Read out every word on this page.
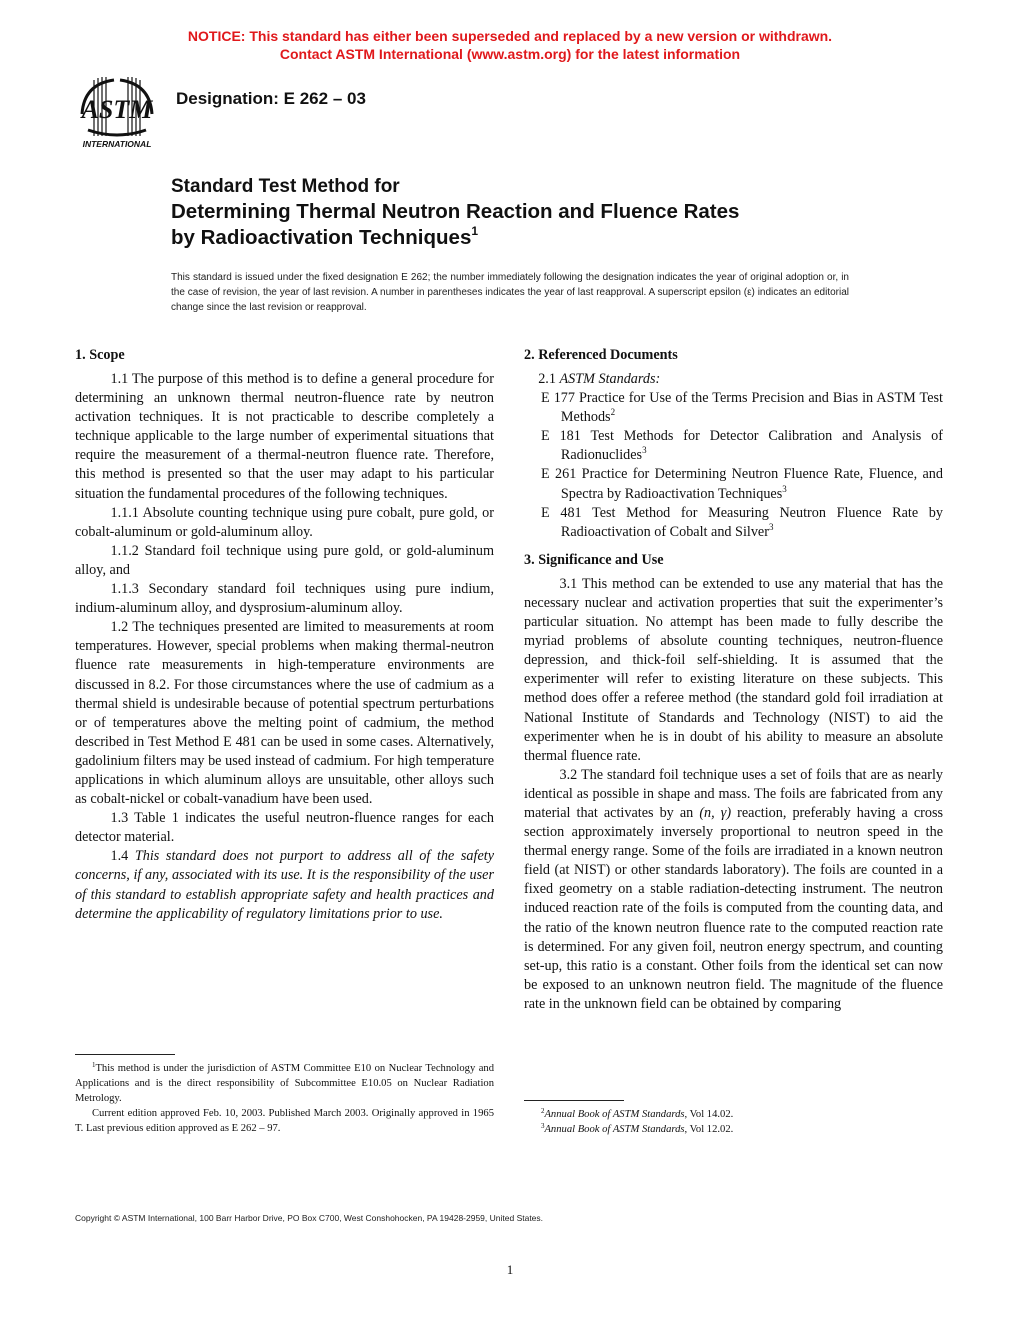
NOTICE: This standard has either been superseded and replaced by a new version or withdrawn.
Contact ASTM International (www.astm.org) for the latest information
ASTM
INTERNATIONAL
Designation: E 262 – 03
Standard Test Method for
Determining Thermal Neutron Reaction and Fluence Rates
by Radioactivation Techniques$^1$
This standard is issued under the fixed designation E 262; the number immediately following the designation indicates the year of original adoption or, in the case of revision, the year of last revision. A number in parentheses indicates the year of last reapproval. A superscript epsilon (ε) indicates an editorial change since the last revision or reapproval.
1. Scope

1.1 The purpose of this method is to define a general procedure for determining an unknown thermal neutron-fluence rate by neutron activation techniques. It is not practicable to describe completely a technique applicable to the large number of experimental situations that require the measurement of a thermal-neutron fluence rate. Therefore, this method is presented so that the user may adapt to his particular situation the fundamental procedures of the following techniques.

1.1.1 Absolute counting technique using pure cobalt, pure gold, or cobalt-aluminum or gold-aluminum alloy.

1.1.2 Standard foil technique using pure gold, or gold-aluminum alloy, and

1.1.3 Secondary standard foil techniques using pure indium, indium-aluminum alloy, and dysprosium-aluminum alloy.

1.2 The techniques presented are limited to measurements at room temperatures. However, special problems when making thermal-neutron fluence rate measurements in high-temperature environments are discussed in 8.2. For those circumstances where the use of cadmium as a thermal shield is undesirable because of potential spectrum perturbations or of temperatures above the melting point of cadmium, the method described in Test Method E 481 can be used in some cases. Alternatively, gadolinium filters may be used instead of cadmium. For high temperature applications in which aluminum alloys are unsuitable, other alloys such as cobalt-nickel or cobalt-vanadium have been used.

1.3 Table 1 indicates the useful neutron-fluence ranges for each detector material.

1.4 This standard does not purport to address all of the safety concerns, if any, associated with its use. It is the responsibility of the user of this standard to establish appropriate safety and health practices and determine the applicability of regulatory limitations prior to use.

2. Referenced Documents

2.1 ASTM Standards:

E 177 Practice for Use of the Terms Precision and Bias in ASTM Test Methods$^2$
E 181 Test Methods for Detector Calibration and Analysis of Radionuclides$^3$
E 261 Practice for Determining Neutron Fluence Rate, Fluence, and Spectra by Radioactivation Techniques$^3$
E 481 Test Method for Measuring Neutron Fluence Rate by Radioactivation of Cobalt and Silver$^3$
3. Significance and Use

3.1 This method can be extended to use any material that has the necessary nuclear and activation properties that suit the experimenter’s particular situation. No attempt has been made to fully describe the myriad problems of absolute counting techniques, neutron-fluence depression, and thick-foil self-shielding. It is assumed that the experimenter will refer to existing literature on these subjects. This method does offer a referee method (the standard gold foil irradiation at National Institute of Standards and Technology (NIST) to aid the experimenter when he is in doubt of his ability to measure an absolute thermal fluence rate.

3.2 The standard foil technique uses a set of foils that are as nearly identical as possible in shape and mass. The foils are fabricated from any material that activates by an (n, γ) reaction, preferably having a cross section approximately inversely proportional to neutron speed in the thermal energy range. Some of the foils are irradiated in a known neutron field (at NIST) or other standards laboratory). The foils are counted in a fixed geometry on a stable radiation-detecting instrument. The neutron induced reaction rate of the foils is computed from the counting data, and the ratio of the known neutron fluence rate to the computed reaction rate is determined. For any given foil, neutron energy spectrum, and counting set-up, this ratio is a constant. Other foils from the identical set can now be exposed to an unknown neutron field. The magnitude of the fluence rate in the unknown field can be obtained by comparing

$^1$This method is under the jurisdiction of ASTM Committee E10 on Nuclear Technology and Applications and is the direct responsibility of Subcommittee E10.05 on Nuclear Radiation Metrology.

Current edition approved Feb. 10, 2003. Published March 2003. Originally approved in 1965 T. Last previous edition approved as E 262 – 97.

$^2$Annual Book of ASTM Standards, Vol 14.02.

$^3$Annual Book of ASTM Standards, Vol 12.02.

Copyright © ASTM International, 100 Barr Harbor Drive, PO Box C700, West Conshohocken, PA 19428-2959, United States.
1
